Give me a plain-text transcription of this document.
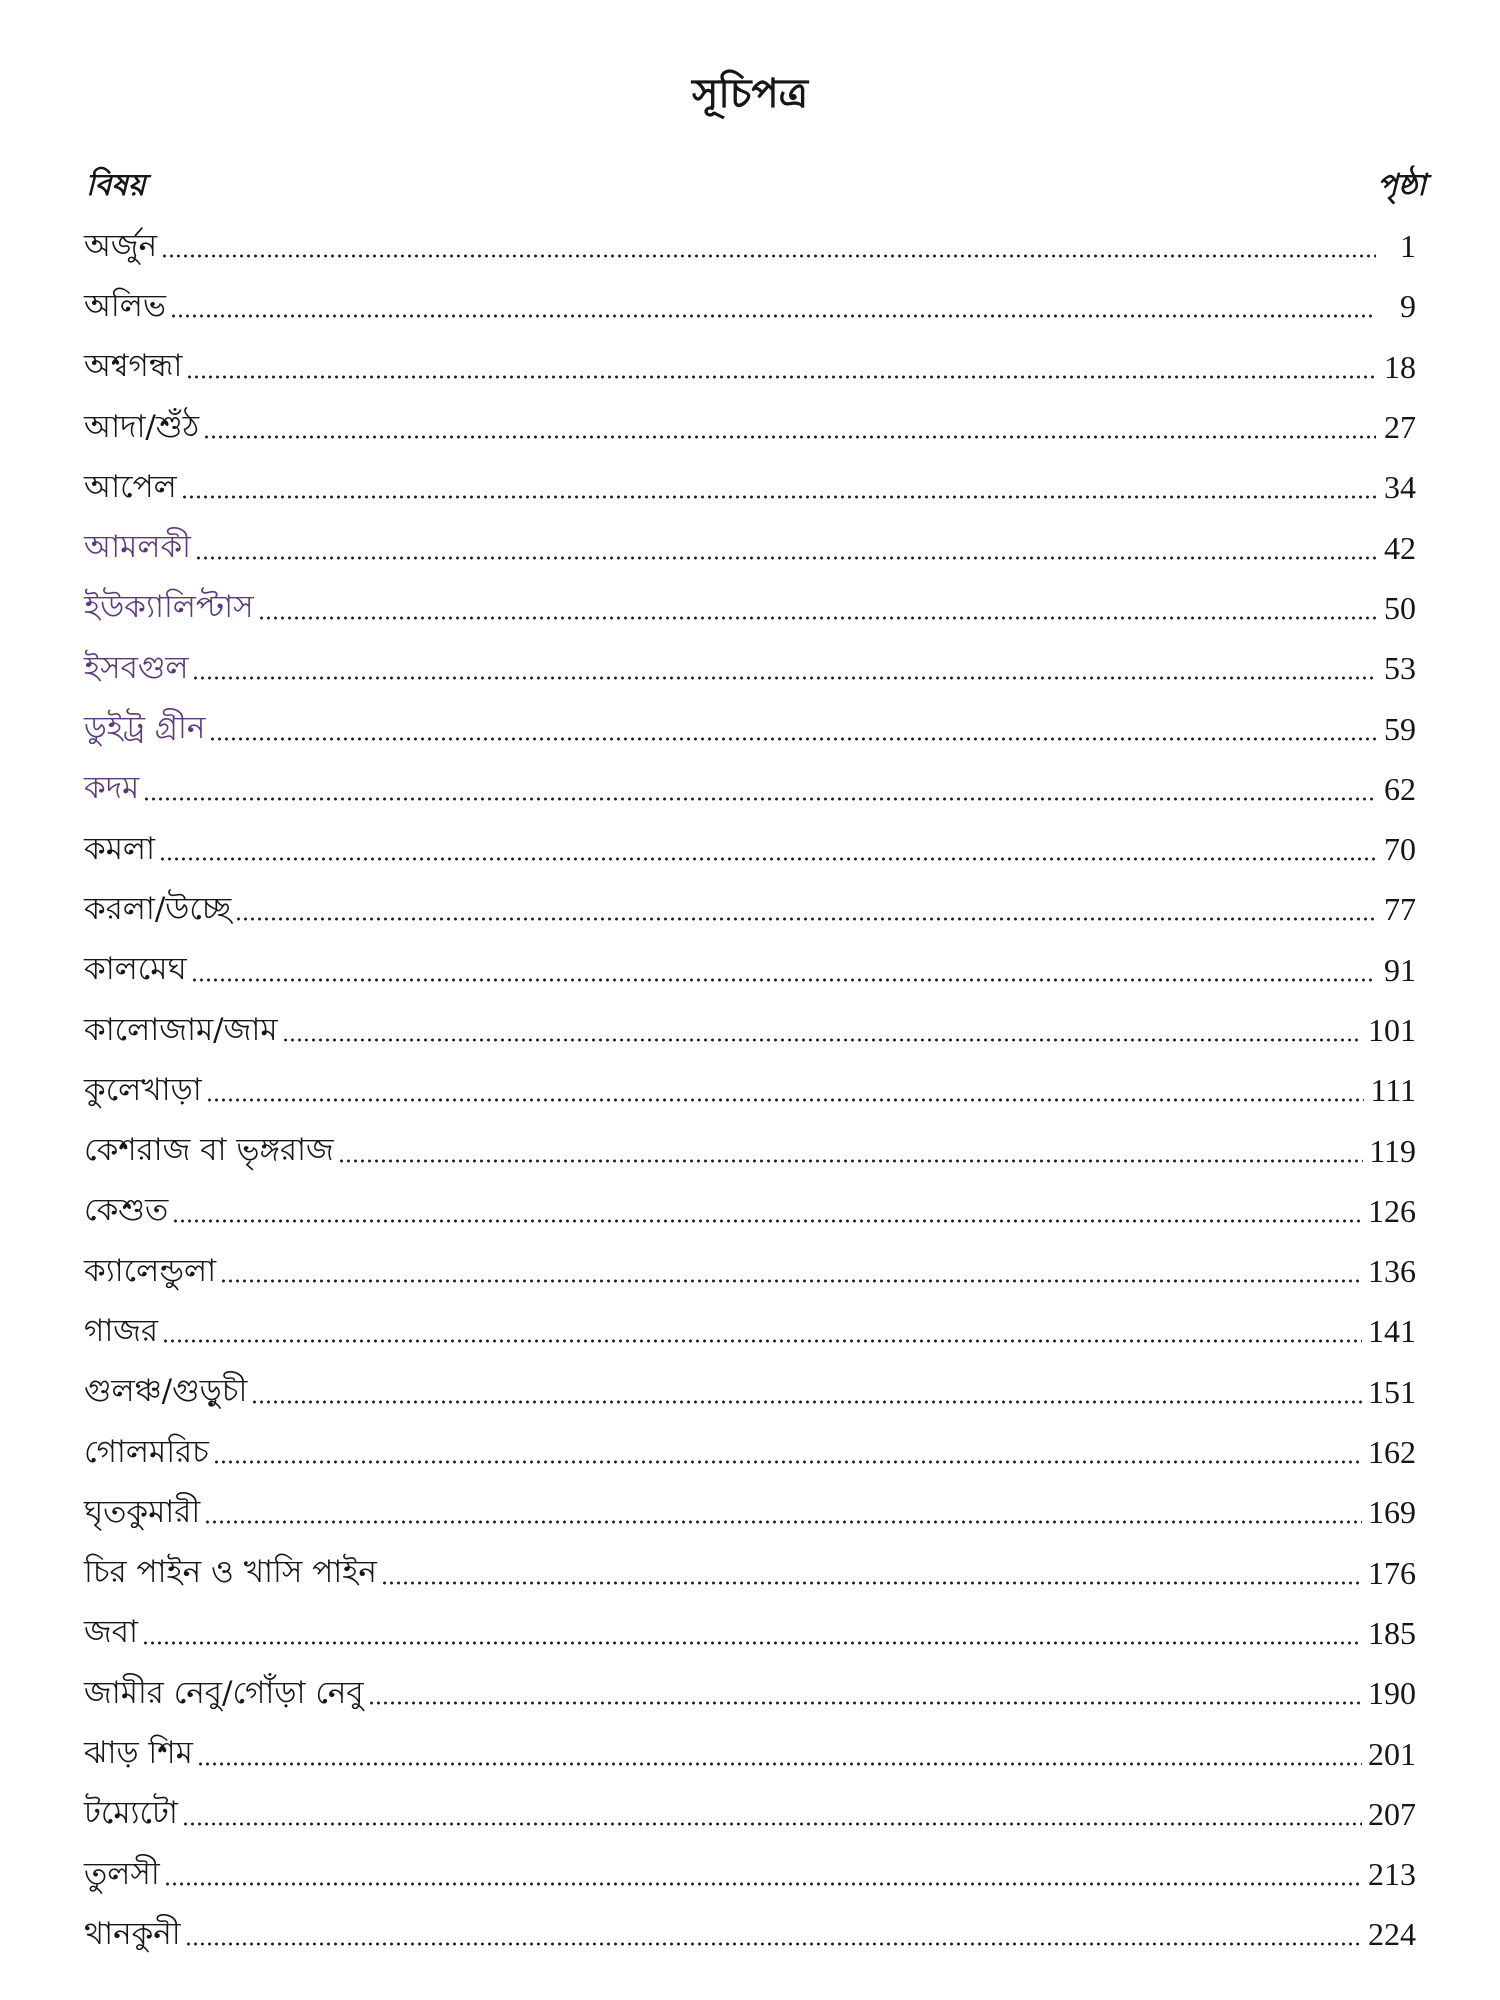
সূচিপত্র
বিষয়	পৃষ্ঠা
অর্জুন	1
অলিভ	9
অশ্বগন্ধা	18
আদা/শুঁঠ	27
আপেল	34
আমলকী	42
ইউক্যালিপ্টাস	50
ইসবগুল	53
ডুইট্র গ্রীন	59
কদম	62
কমলা	70
করলা/উচ্ছে	77
কালমেঘ	91
কালোজাম/জাম	101
কুলেখাড়া	111
কেশরাজ বা ভৃঙ্গরাজ	119
কেশুত	126
ক্যালেন্ডুলা	136
গাজর	141
গুলঞ্চ/গুড়ুচী	151
গোলমরিচ	162
ঘৃতকুমারী	169
চির পাইন ও খাসি পাইন	176
জবা	185
জামীর নেবু/গোঁড়া নেবু	190
ঝাড় শিম	201
টম্যেটো	207
তুলসী	213
থানকুনী	224
